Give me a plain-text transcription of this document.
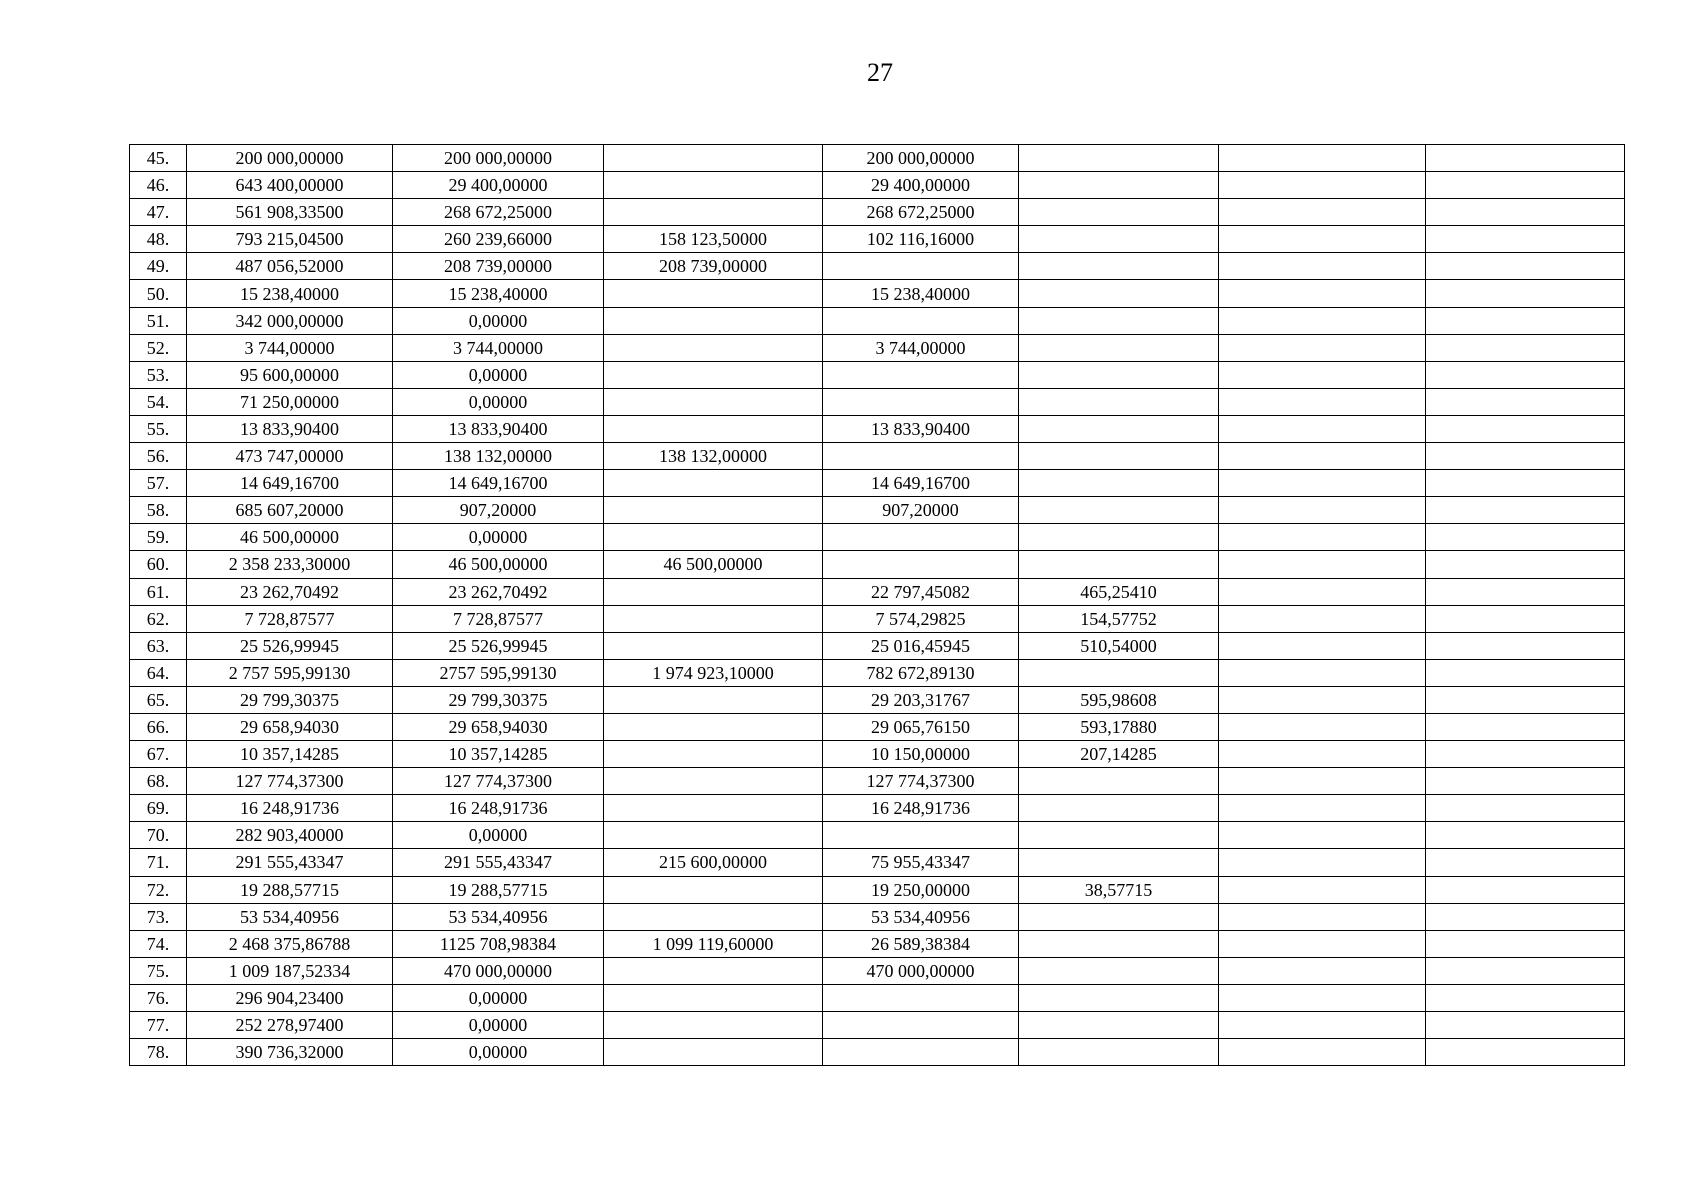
27
45.	200 000,00000	200 000,00000		200 000,00000			
46.	643 400,00000	29 400,00000		29 400,00000			
47.	561 908,33500	268 672,25000		268 672,25000			
48.	793 215,04500	260 239,66000	158 123,50000	102 116,16000			
49.	487 056,52000	208 739,00000	208 739,00000				
50.	15 238,40000	15 238,40000		15 238,40000			
51.	342 000,00000	0,00000					
52.	3 744,00000	3 744,00000		3 744,00000			
53.	95 600,00000	0,00000					
54.	71 250,00000	0,00000					
55.	13 833,90400	13 833,90400		13 833,90400			
56.	473 747,00000	138 132,00000	138 132,00000				
57.	14 649,16700	14 649,16700		14 649,16700			
58.	685 607,20000	907,20000		907,20000			
59.	46 500,00000	0,00000					
60.	2 358 233,30000	46 500,00000	46 500,00000				
61.	23 262,70492	23 262,70492		22 797,45082	465,25410		
62.	7 728,87577	7 728,87577		7 574,29825	154,57752		
63.	25 526,99945	25 526,99945		25 016,45945	510,54000		
64.	2 757 595,99130	2757 595,99130	1 974 923,10000	782 672,89130			
65.	29 799,30375	29 799,30375		29 203,31767	595,98608		
66.	29 658,94030	29 658,94030		29 065,76150	593,17880		
67.	10 357,14285	10 357,14285		10 150,00000	207,14285		
68.	127 774,37300	127 774,37300		127 774,37300			
69.	16 248,91736	16 248,91736		16 248,91736			
70.	282 903,40000	0,00000					
71.	291 555,43347	291 555,43347	215 600,00000	75 955,43347			
72.	19 288,57715	19 288,57715		19 250,00000	38,57715		
73.	53 534,40956	53 534,40956		53 534,40956			
74.	2 468 375,86788	1125 708,98384	1 099 119,60000	26 589,38384			
75.	1 009 187,52334	470 000,00000		470 000,00000			
76.	296 904,23400	0,00000					
77.	252 278,97400	0,00000					
78.	390 736,32000	0,00000					
